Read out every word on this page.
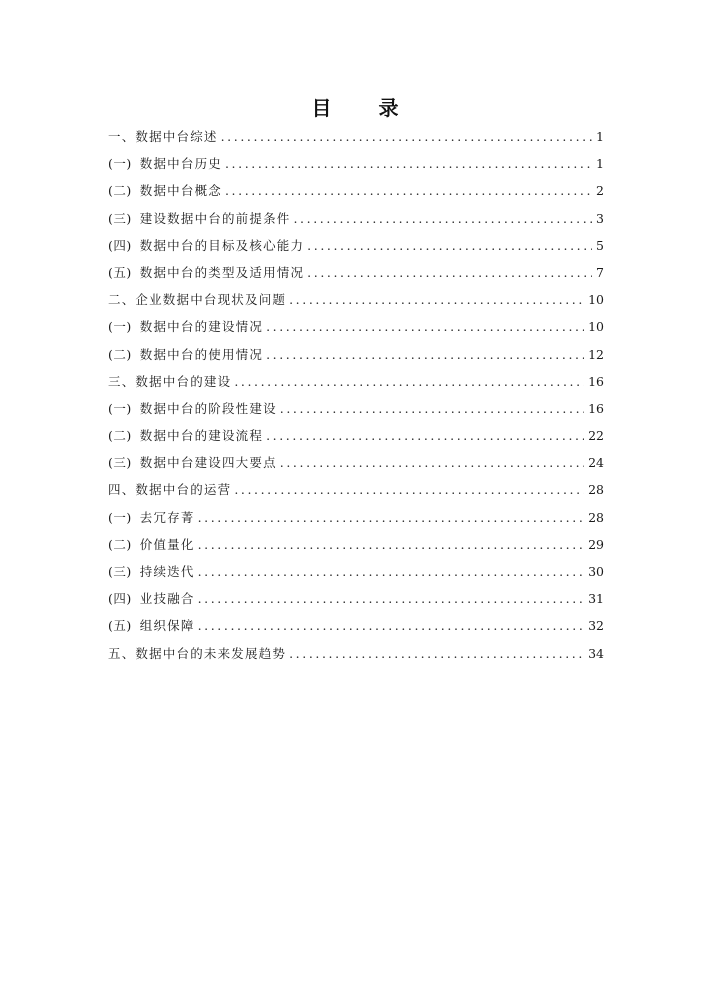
目 录
一、 数据中台综述 .....	1
(一) 数据中台历史 .....	1
(二) 数据中台概念 .....	2
(三) 建设数据中台的前提条件 .....	3
(四) 数据中台的目标及核心能力 .....	5
(五) 数据中台的类型及适用情况 .....	7
二、 企业数据中台现状及问题 .....	10
(一) 数据中台的建设情况 .....	10
(二) 数据中台的使用情况 .....	12
三、 数据中台的建设 .....	16
(一) 数据中台的阶段性建设 .....	16
(二) 数据中台的建设流程 .....	22
(三) 数据中台建设四大要点 .....	24
四、 数据中台的运营 .....	28
(一) 去冗存菁 .....	28
(二) 价值量化 .....	29
(三) 持续迭代 .....	30
(四) 业技融合 .....	31
(五) 组织保障 .....	32
五、 数据中台的未来发展趋势 .....	34
